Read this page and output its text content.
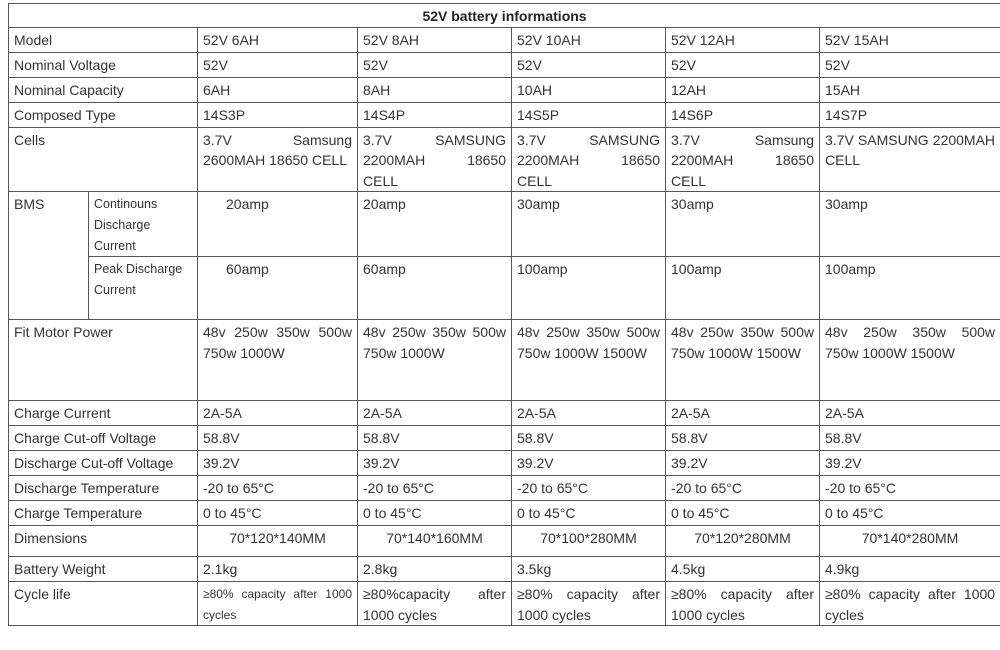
52V battery informations						
Model		52V 6AH	52V 8AH	52V 10AH	52V 12AH	52V 15AH
Nominal Voltage		52V	52V	52V	52V	52V
Nominal Capacity		6AH	8AH	10AH	12AH	15AH
Composed Type		14S3P	14S4P	14S5P	14S6P	14S7P
Cells		3.7V Samsung 2600MAH 18650 CELL	3.7V SAMSUNG 2200MAH 18650 CELL	3.7V SAMSUNG 2200MAH 18650 CELL	3.7V Samsung 2200MAH 18650 CELL	3.7V SAMSUNG 2200MAH CELL
BMS	Continouns Discharge Current	20amp	20amp	30amp	30amp	30amp
	Peak Discharge Current	60amp	60amp	100amp	100amp	100amp
Fit Motor Power		48v 250w 350w 500w 750w 1000W	48v 250w 350w 500w 750w 1000W	48v 250w 350w 500w 750w 1000W 1500W	48v 250w 350w 500w 750w 1000W 1500W	48v 250w 350w 500w 750w 1000W 1500W
Charge Current		2A-5A	2A-5A	2A-5A	2A-5A	2A-5A
Charge Cut-off Voltage		58.8V	58.8V	58.8V	58.8V	58.8V
Discharge Cut-off Voltage		39.2V	39.2V	39.2V	39.2V	39.2V
Discharge Temperature		-20 to 65°C	-20 to 65°C	-20 to 65°C	-20 to 65°C	-20 to 65°C
Charge Temperature		0 to 45°C	0 to 45°C	0 to 45°C	0 to 45°C	0 to 45°C
Dimensions		70*120*140MM	70*140*160MM	70*100*280MM	70*120*280MM	70*140*280MM
Battery Weight		2.1kg	2.8kg	3.5kg	4.5kg	4.9kg
Cycle life		≥80% capacity after 1000 cycles	≥80%capacity after 1000 cycles	≥80% capacity after 1000 cycles	≥80% capacity after 1000 cycles	≥80% capacity after 1000 cycles
